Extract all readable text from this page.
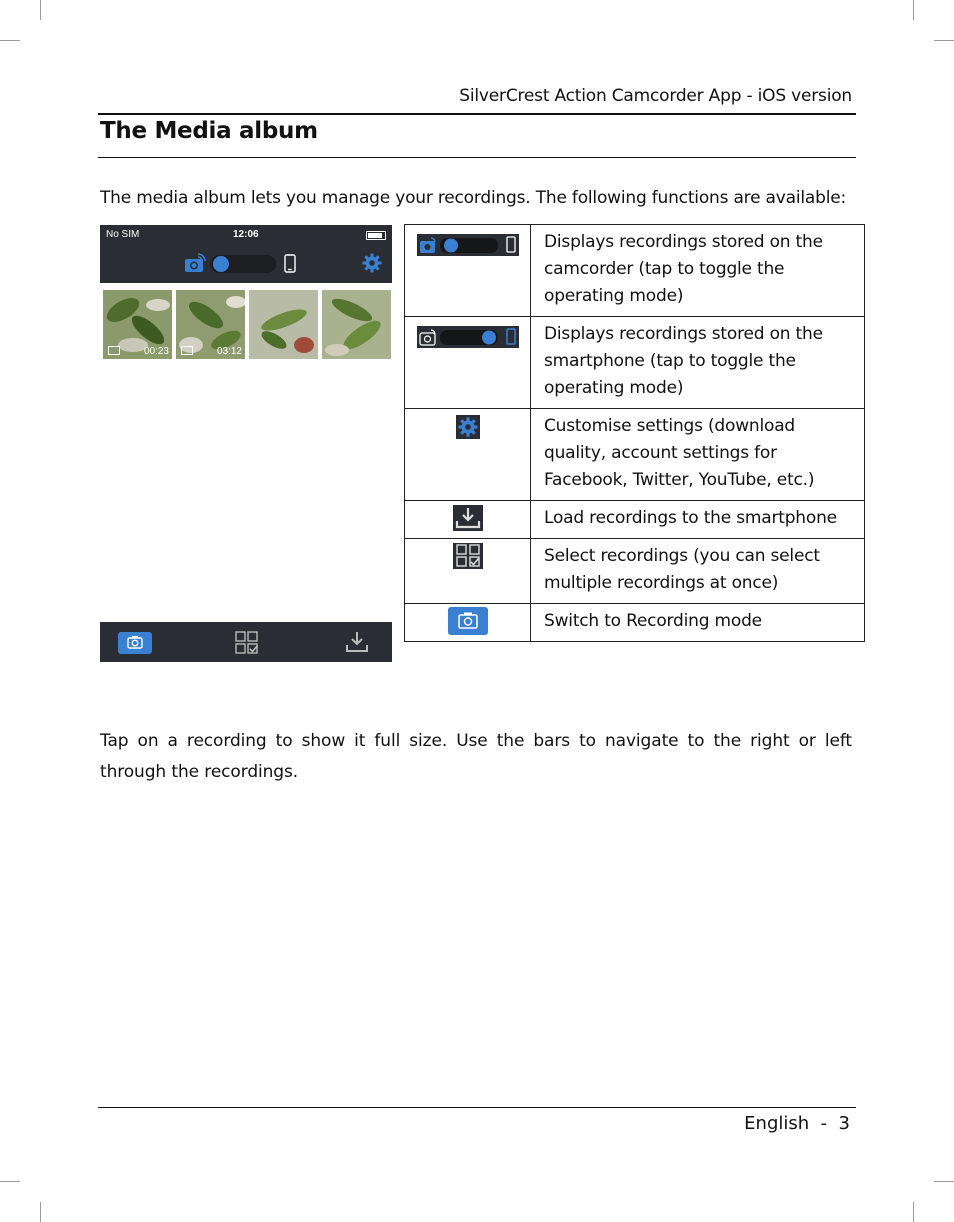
SilverCrest Action Camcorder App - iOS version
The Media album
The media album lets you manage your recordings. The following functions are available:
No SIM	12:06
00:23	03:12
	Displays recordings stored on the camcorder (tap to toggle the operating mode)

	Displays recordings stored on the smartphone (tap to toggle the operating mode)

	Customise settings (download quality, account settings for Facebook, Twitter, YouTube, etc.)

	Load recordings to the smartphone

	Select recordings (you can select multiple recordings at once)

	Switch to Recording mode
Tap on a recording to show it full size. Use the bars to navigate to the right or left through the recordings.
English  -  3
